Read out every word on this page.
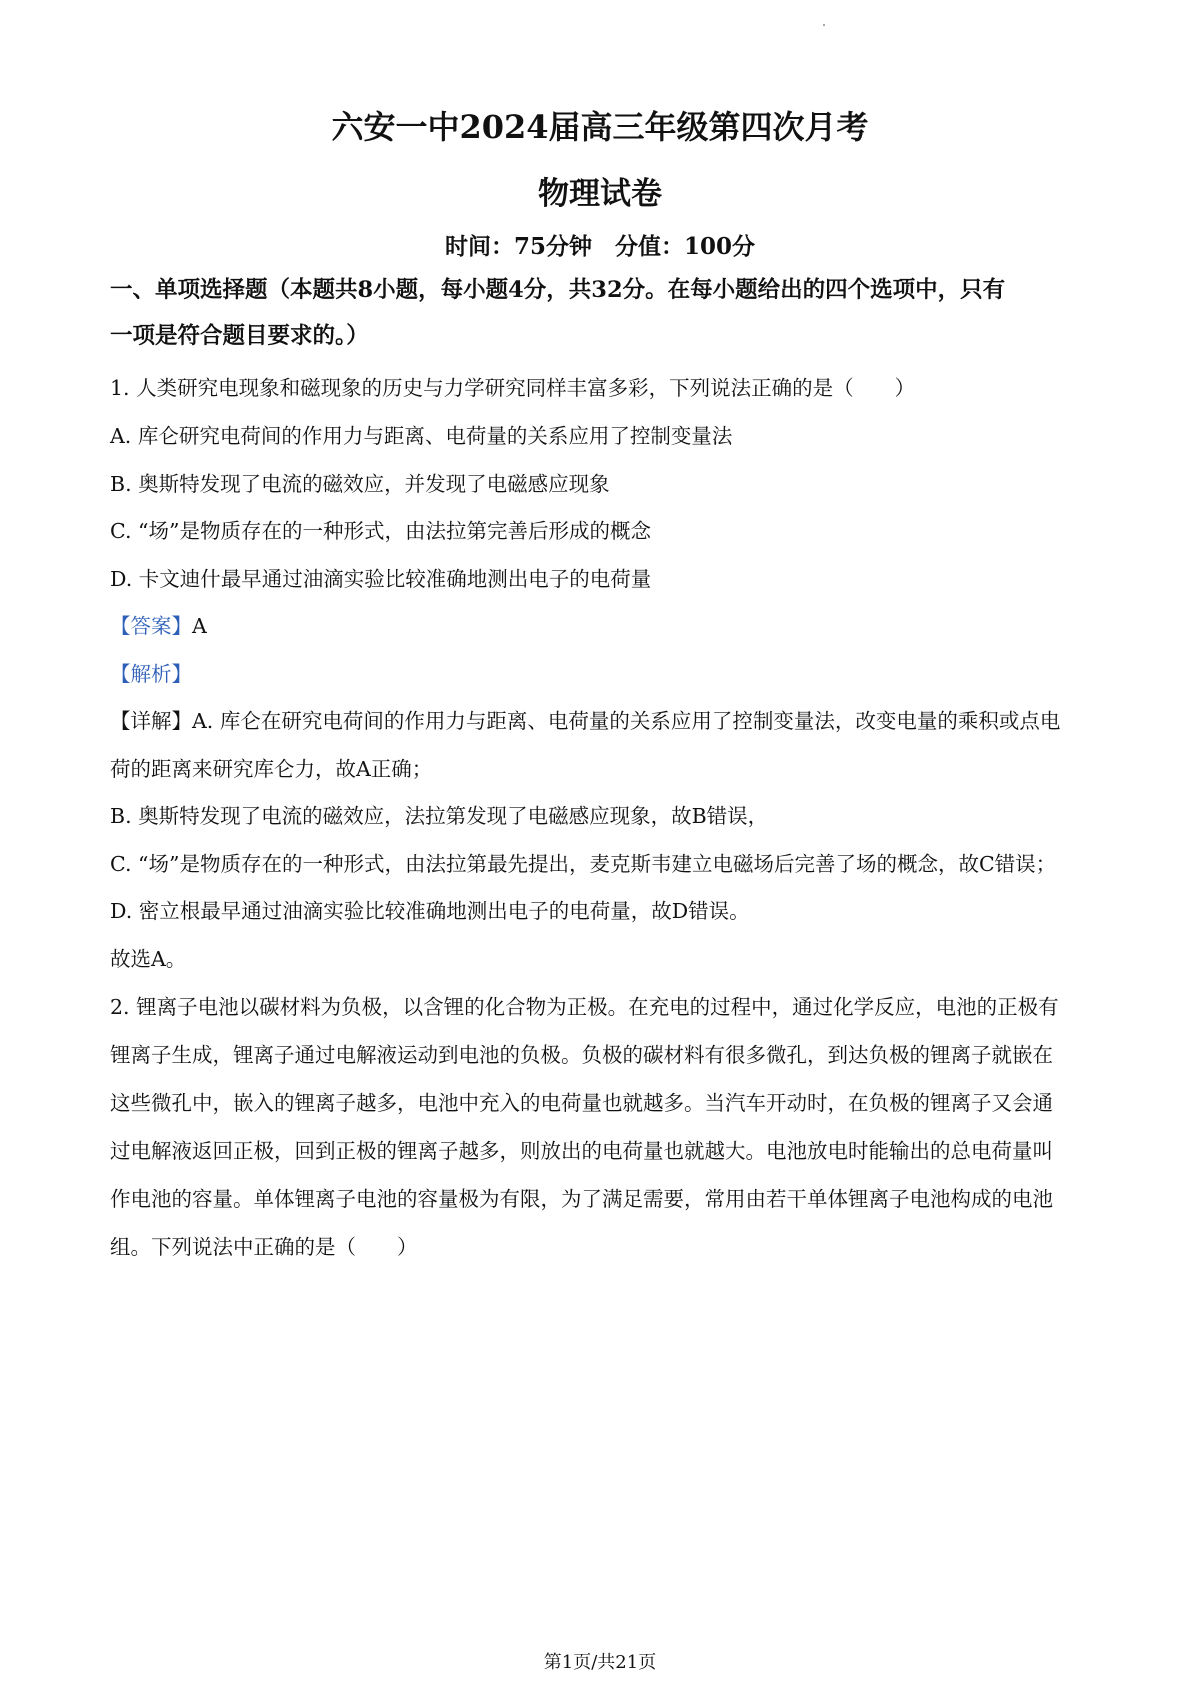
六安一中2024届高三年级第四次月考
物理试卷
时间：75分钟　分值：100分
一、单项选择题（本题共8小题，每小题4分，共32分。在每小题给出的四个选项中，只有
一项是符合题目要求的。）
1. 人类研究电现象和磁现象的历史与力学研究同样丰富多彩，下列说法正确的是（　　）
A. 库仑研究电荷间的作用力与距离、电荷量的关系应用了控制变量法
B. 奥斯特发现了电流的磁效应，并发现了电磁感应现象
C. “场”是物质存在的一种形式，由法拉第完善后形成的概念
D. 卡文迪什最早通过油滴实验比较准确地测出电子的电荷量
【答案】A
【解析】
【详解】A. 库仑在研究电荷间的作用力与距离、电荷量的关系应用了控制变量法，改变电量的乘积或点电
荷的距离来研究库仑力，故A正确；
B. 奥斯特发现了电流的磁效应，法拉第发现了电磁感应现象，故B错误，
C. “场”是物质存在的一种形式，由法拉第最先提出，麦克斯韦建立电磁场后完善了场的概念，故C错误；
D. 密立根最早通过油滴实验比较准确地测出电子的电荷量，故D错误。
故选A。
2. 锂离子电池以碳材料为负极，以含锂的化合物为正极。在充电的过程中，通过化学反应，电池的正极有
锂离子生成，锂离子通过电解液运动到电池的负极。负极的碳材料有很多微孔，到达负极的锂离子就嵌在
这些微孔中，嵌入的锂离子越多，电池中充入的电荷量也就越多。当汽车开动时，在负极的锂离子又会通
过电解液返回正极，回到正极的锂离子越多，则放出的电荷量也就越大。电池放电时能输出的总电荷量叫
作电池的容量。单体锂离子电池的容量极为有限，为了满足需要，常用由若干单体锂离子电池构成的电池
组。下列说法中正确的是（　　）
第1页/共21页
